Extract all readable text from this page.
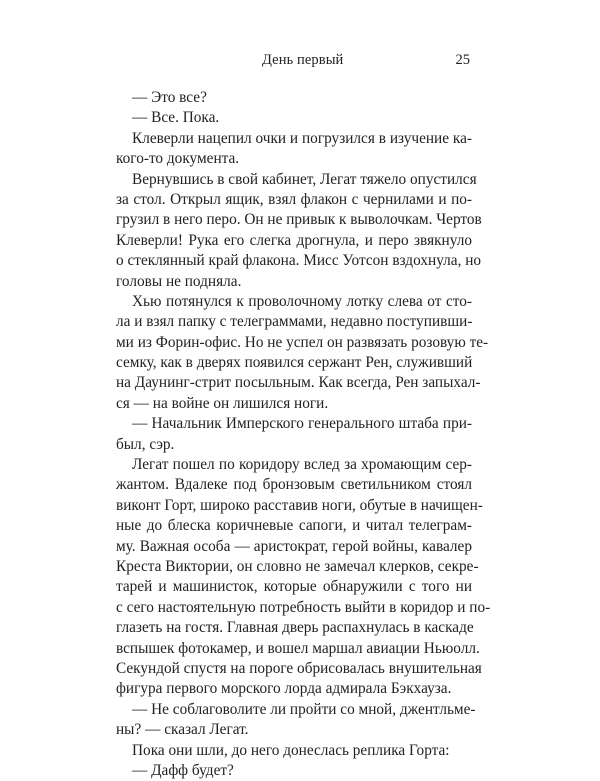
День первый	25
— Это все?
— Все. Пока.
Клеверли нацепил очки и погрузился в изучение ка-
кого-то документа.
Вернувшись в свой кабинет, Легат тяжело опустился
за стол. Открыл ящик, взял флакон с чернилами и по-
грузил в него перо. Он не привык к выволочкам. Чертов
Клеверли! Рука его слегка дрогнула, и перо звякнуло
о стеклянный край флакона. Мисс Уотсон вздохнула, но
головы не подняла.
Хью потянулся к проволочному лотку слева от сто-
ла и взял папку с телеграммами, недавно поступивши-
ми из Форин-офис. Но не успел он развязать розовую те-
семку, как в дверях появился сержант Рен, служивший
на Даунинг-стрит посыльным. Как всегда, Рен запыхал-
ся — на войне он лишился ноги.
— Начальник Имперского генерального штаба при-
был, сэр.
Легат пошел по коридору вслед за хромающим сер-
жантом. Вдалеке под бронзовым светильником стоял
виконт Горт, широко расставив ноги, обутые в начищен-
ные до блеска коричневые сапоги, и читал телеграм-
му. Важная особа — аристократ, герой войны, кавалер
Креста Виктории, он словно не замечал клерков, секре-
тарей и машинисток, которые обнаружили с того ни
с сего настоятельную потребность выйти в коридор и по-
глазеть на гостя. Главная дверь распахнулась в каскаде
вспышек фотокамер, и вошел маршал авиации Ньюолл.
Секундой спустя на пороге обрисовалась внушительная
фигура первого морского лорда адмирала Бэкхауза.
— Не соблаговолите ли пройти со мной, джентльме-
ны? — сказал Легат.
Пока они шли, до него донеслась реплика Горта:
— Дафф будет?
